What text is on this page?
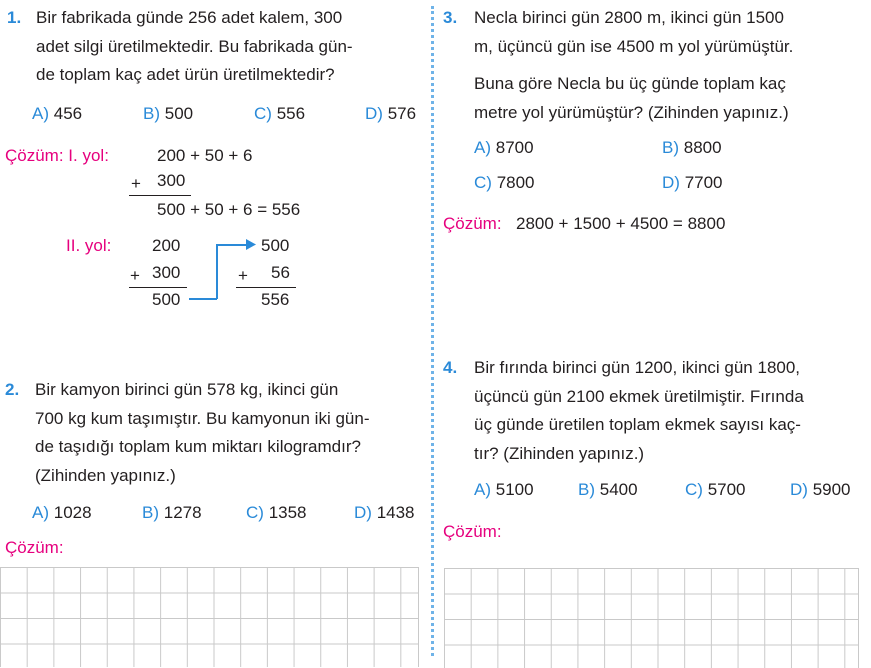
1. Bir fabrikada günde 256 adet kalem, 300
adet silgi üretilmektedir. Bu fabrikada gün-
de toplam kaç adet ürün üretilmektedir?
A) 456	B) 500	C) 556	D) 576
Çözüm: I. yol:	200 + 50 + 6
+ 300
500 + 50 + 6 = 556
II. yol: 200
+ 300
500
500
+ 56
556
2. Bir kamyon birinci gün 578 kg, ikinci gün
700 kg kum taşımıştır. Bu kamyonun iki gün-
de taşıdığı toplam kum miktarı kilogramdır?
(Zihinden yapınız.)
A) 1028	B) 1278	C) 1358	D) 1438
Çözüm:
3. Necla birinci gün 2800 m, ikinci gün 1500
m, üçüncü gün ise 4500 m yol yürümüştür.
Buna göre Necla bu üç günde toplam kaç
metre yol yürümüştür? (Zihinden yapınız.)
A) 8700	B) 8800
C) 7800	D) 7700
Çözüm: 2800 + 1500 + 4500 = 8800
4. Bir fırında birinci gün 1200, ikinci gün 1800,
üçüncü gün 2100 ekmek üretilmiştir. Fırında
üç günde üretilen toplam ekmek sayısı kaç-
tır? (Zihinden yapınız.)
A) 5100	B) 5400	C) 5700	D) 5900
Çözüm:
